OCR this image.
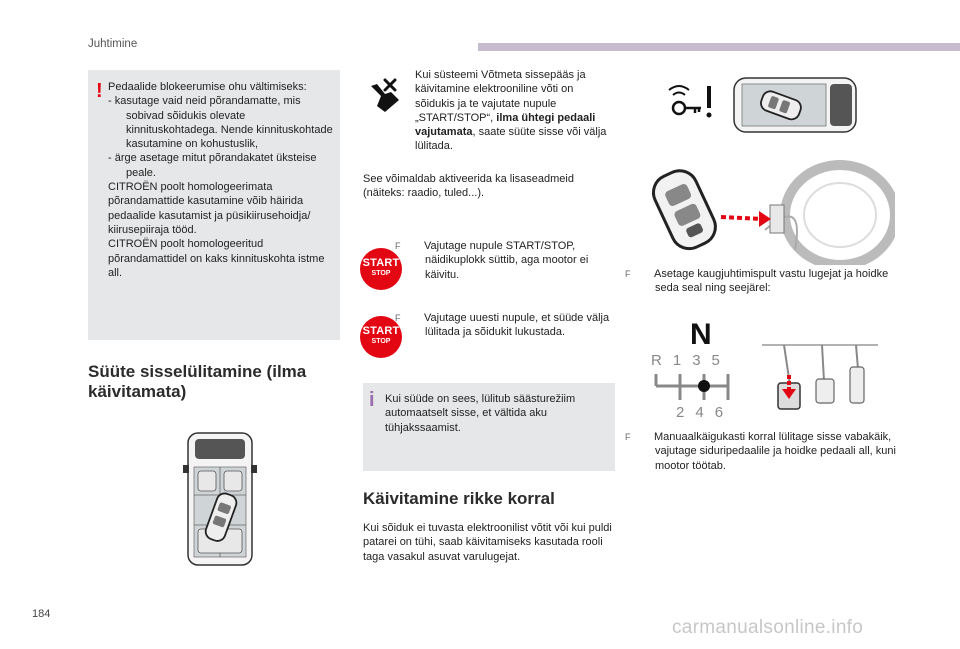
Juhtimine
! Pedaalide blokeerumise ohu vältimiseks:

- kasutage vaid neid põrandamatte, mis sobivad sõidukis olevate kinnituskohtadega. Nende kinnituskohtade kasutamine on kohustuslik,

- ärge asetage mitut põrandakatet üksteise peale.

CITROËN poolt homologeerimata põrandamattide kasutamine võib häirida pedaalide kasutamist ja püsikiirusehoidja/ kiirusepiiraja tööd.

CITROËN poolt homologeeritud põrandamattidel on kaks kinnituskohta istme all.

Süüte sisselülitamine (ilma käivitamata)
Kui süsteemi Võtmeta sissepääs ja käivitamine elektrooniline võti on sõidukis ja te vajutate nupule „START/STOP“, ilma ühtegi pedaali vajutamata, saate süüte sisse või välja lülitada.
See võimaldab aktiveerida ka lisaseadmeid (näiteks: raadio, tuled...).
START
STOP
F Vajutage nupule START/STOP, näidikuplokk süttib, aga mootor ei käivitu.
START
STOP
F Vajutage uuesti nupule, et süüde välja lülitada ja sõidukit lukustada.
i Kui süüde on sees, lülitub säästurežiim automaatselt sisse, et vältida aku tühjakssaamist.
Käivitamine rikke korral
Kui sõiduk ei tuvasta elektroonilist võtit või kui puldi patarei on tühi, saab käivitamiseks kasutada rooli taga vasakul asuvat varulugejat.
F Asetage kaugjuhtimispult vastu lugejat ja hoidke seda seal ning seejärel:
N
R135
246
F Manuaalkäigukasti korral lülitage sisse vabakäik, vajutage siduripedaalile ja hoidke pedaali all, kuni mootor töötab.
184
carmanualsonline.info
